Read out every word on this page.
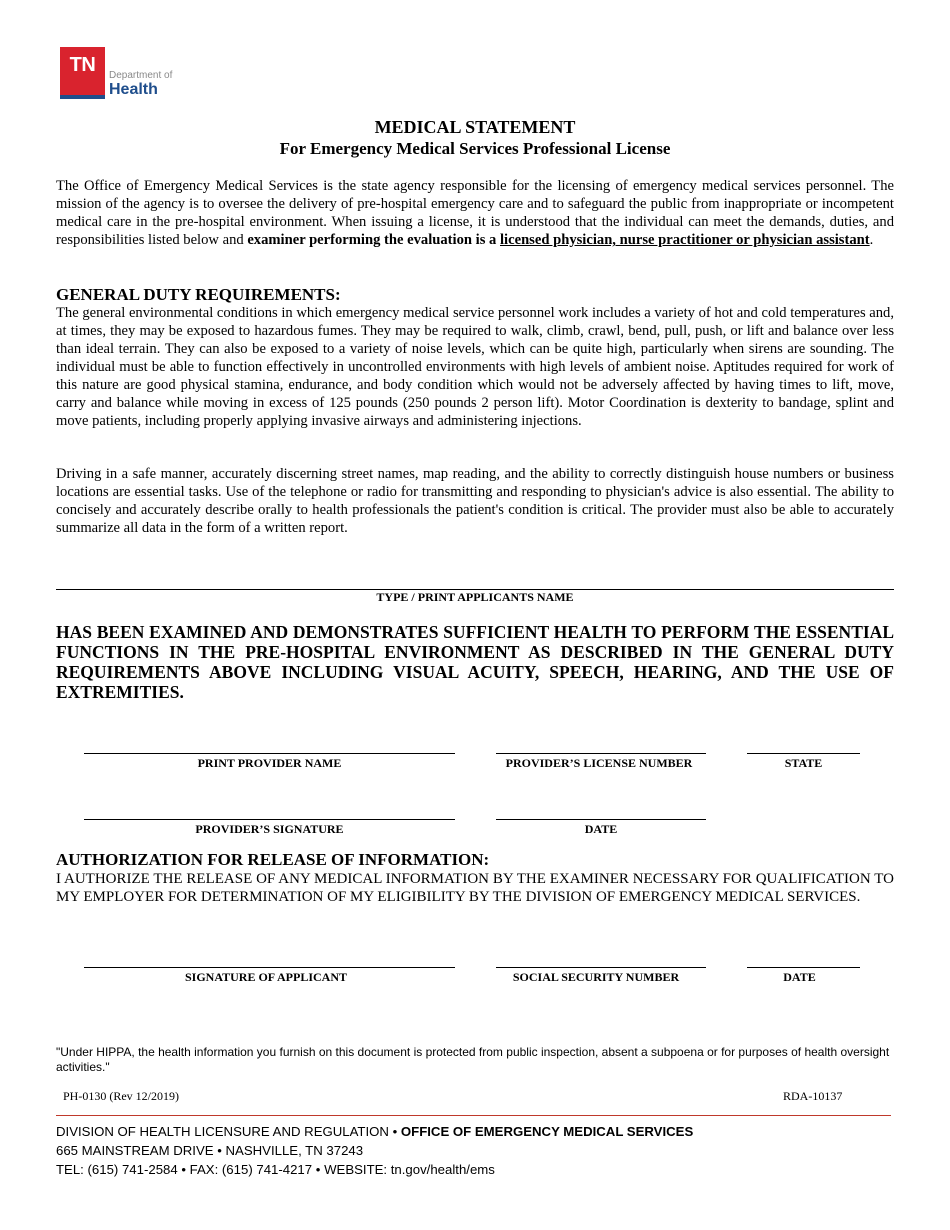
TN	Department of
Health
MEDICAL STATEMENT
For Emergency Medical Services Professional License
The Office of Emergency Medical Services is the state agency responsible for the licensing of emergency medical services personnel. The mission of the agency is to oversee the delivery of pre-hospital emergency care and to safeguard the public from inappropriate or incompetent medical care in the pre-hospital environment. When issuing a license, it is understood that the individual can meet the demands, duties, and responsibilities listed below and examiner performing the evaluation is a licensed physician, nurse practitioner or physician assistant.
GENERAL DUTY REQUIREMENTS:
The general environmental conditions in which emergency medical service personnel work includes a variety of hot and cold temperatures and, at times, they may be exposed to hazardous fumes. They may be required to walk, climb, crawl, bend, pull, push, or lift and balance over less than ideal terrain. They can also be exposed to a variety of noise levels, which can be quite high, particularly when sirens are sounding. The individual must be able to function effectively in uncontrolled environments with high levels of ambient noise. Aptitudes required for work of this nature are good physical stamina, endurance, and body condition which would not be adversely affected by having times to lift, move, carry and balance while moving in excess of 125 pounds (250 pounds 2 person lift). Motor Coordination is dexterity to bandage, splint and move patients, including properly applying invasive airways and administering injections.
Driving in a safe manner, accurately discerning street names, map reading, and the ability to correctly distinguish house numbers or business locations are essential tasks. Use of the telephone or radio for transmitting and responding to physician's advice is also essential. The ability to concisely and accurately describe orally to health professionals the patient's condition is critical. The provider must also be able to accurately summarize all data in the form of a written report.
TYPE / PRINT APPLICANTS NAME
HAS BEEN EXAMINED AND DEMONSTRATES SUFFICIENT HEALTH TO PERFORM THE ESSENTIAL FUNCTIONS IN THE PRE-HOSPITAL ENVIRONMENT AS DESCRIBED IN THE GENERAL DUTY REQUIREMENTS ABOVE INCLUDING VISUAL ACUITY, SPEECH, HEARING, AND THE USE OF EXTREMITIES.
PRINT PROVIDER NAME	PROVIDER’S LICENSE NUMBER	STATE
PROVIDER’S SIGNATURE	DATE
AUTHORIZATION FOR RELEASE OF INFORMATION:
I AUTHORIZE THE RELEASE OF ANY MEDICAL INFORMATION BY THE EXAMINER NECESSARY FOR QUALIFICATION TO MY EMPLOYER FOR DETERMINATION OF MY ELIGIBILITY BY THE DIVISION OF EMERGENCY MEDICAL SERVICES.
SIGNATURE OF APPLICANT	SOCIAL SECURITY NUMBER	DATE
"Under HIPPA, the health information you furnish on this document is protected from public inspection, absent a subpoena or for purposes of health oversight activities."
PH-0130 (Rev 12/2019)	RDA-10137
DIVISION OF HEALTH LICENSURE AND REGULATION • OFFICE OF EMERGENCY MEDICAL SERVICES
665 MAINSTREAM DRIVE • NASHVILLE, TN 37243
TEL: (615) 741-2584 • FAX: (615) 741-4217 • WEBSITE: tn.gov/health/ems
